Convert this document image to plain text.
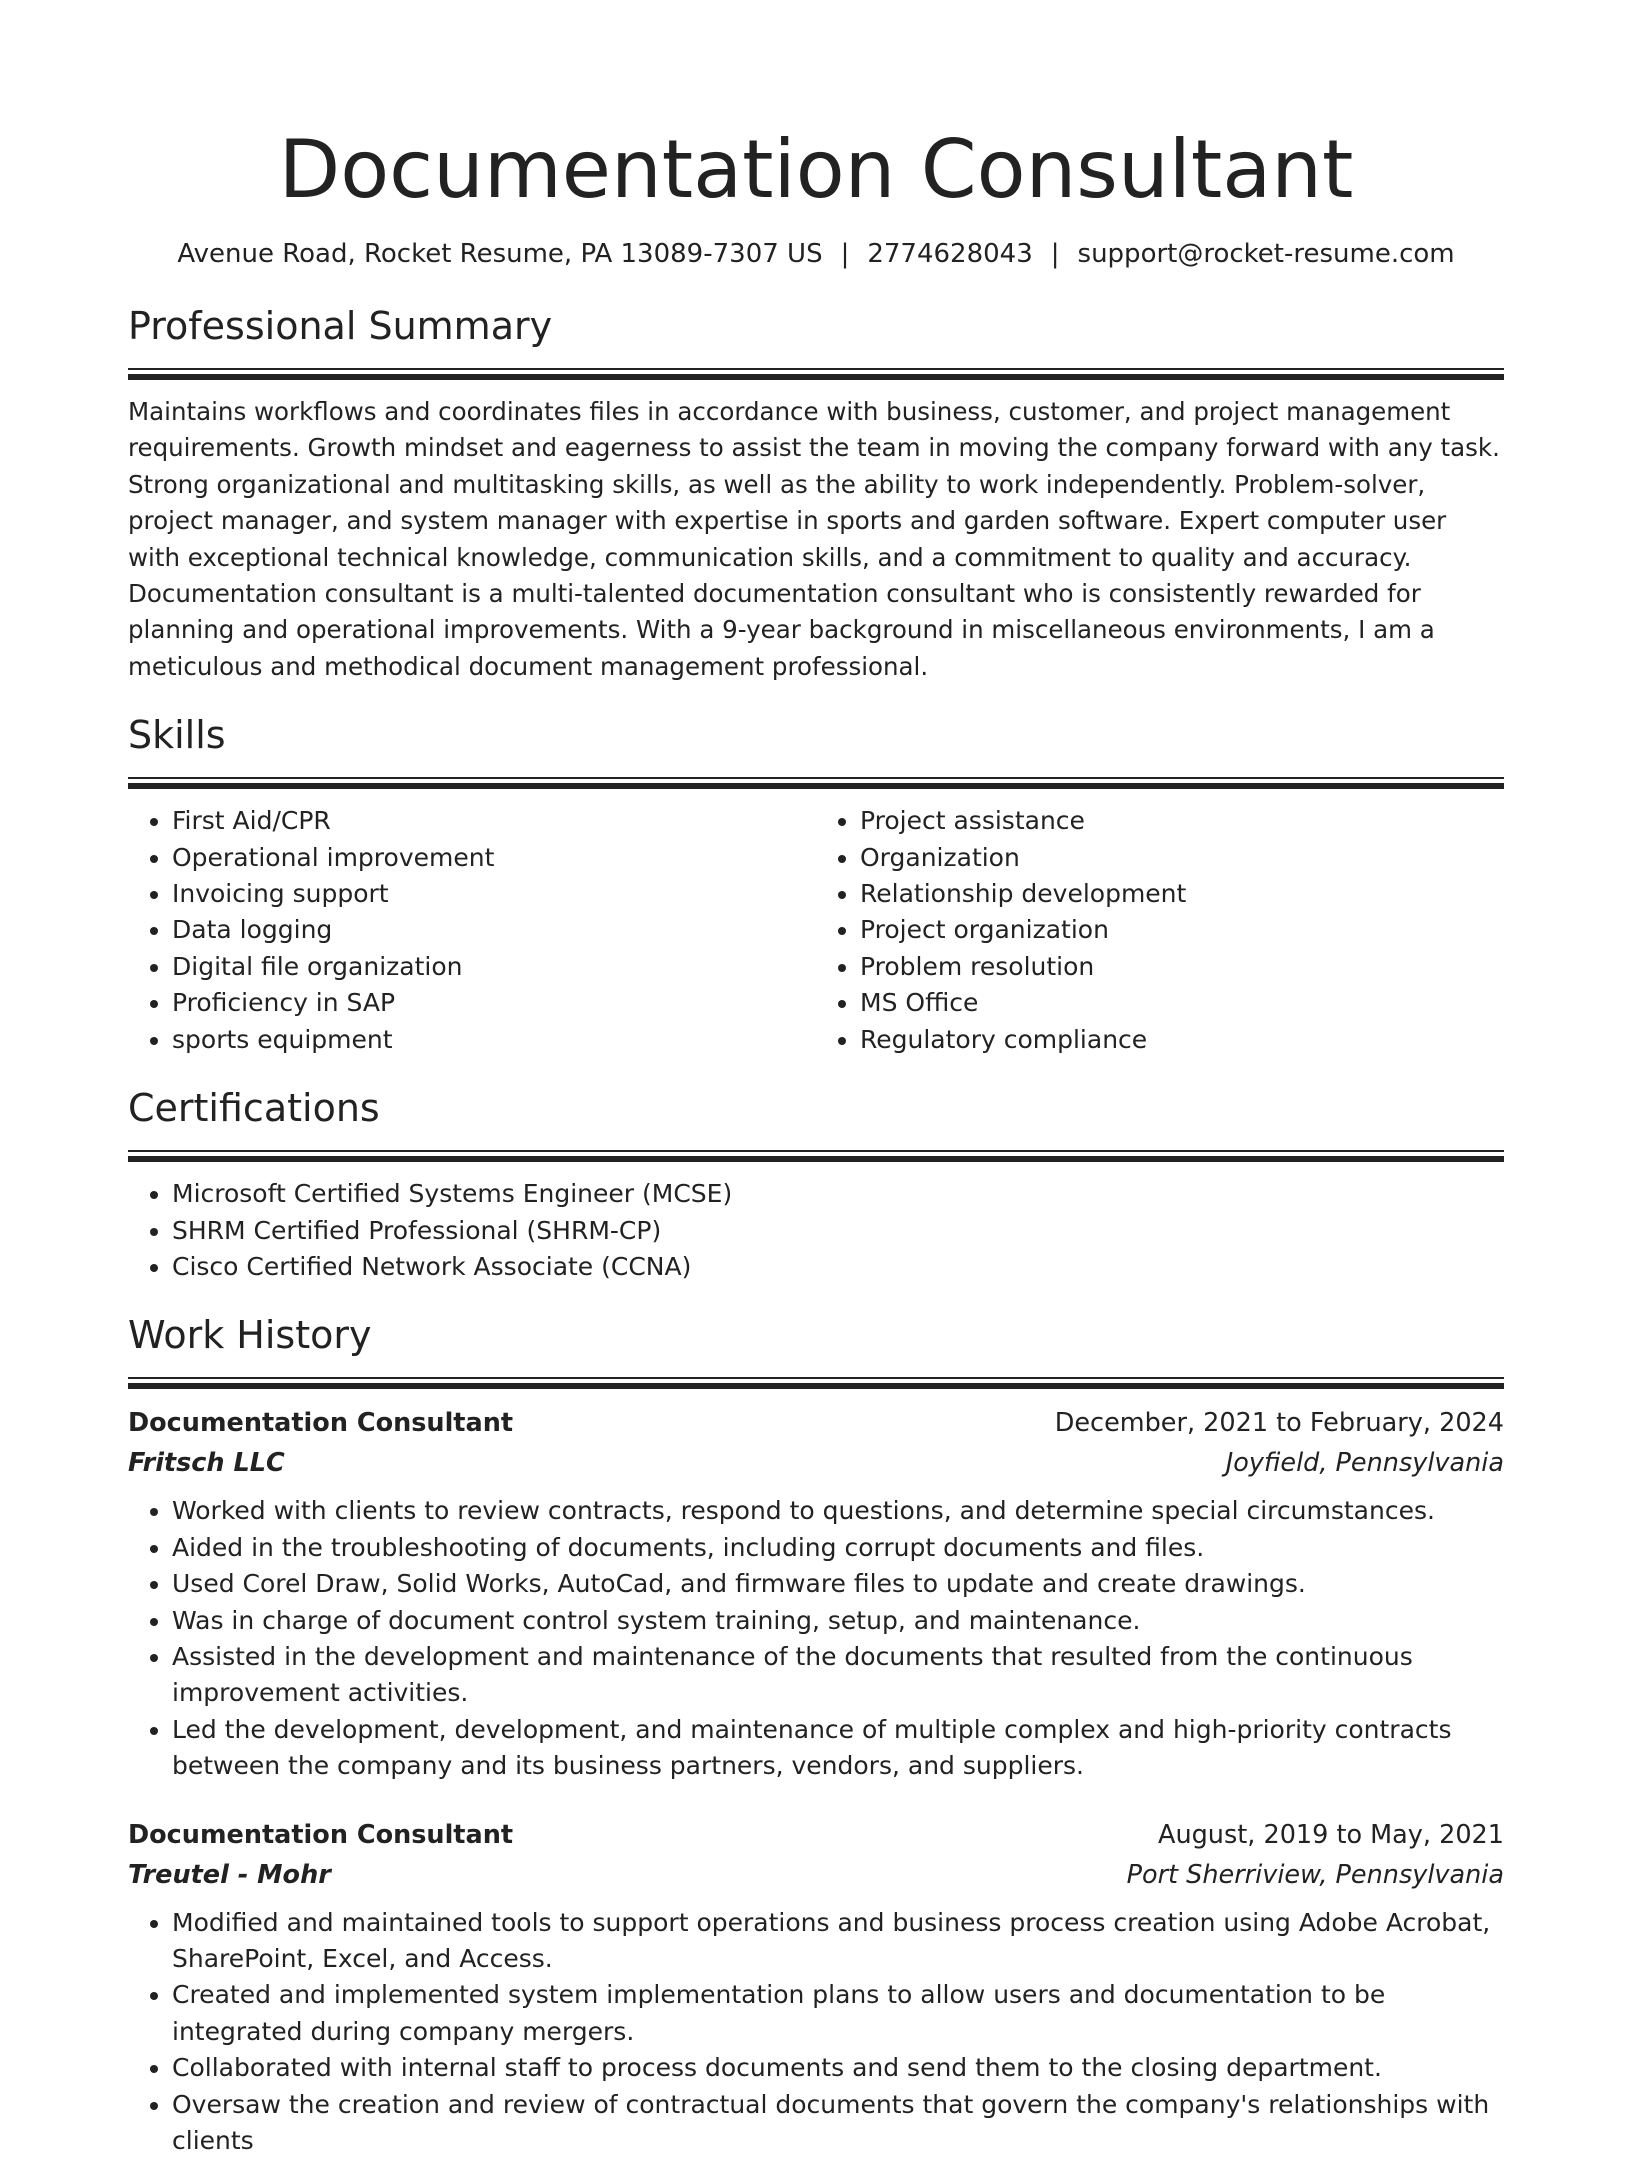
Documentation Consultant
Avenue Road, Rocket Resume, PA 13089-7307 US | 2774628043 | support@rocket-resume.com
Professional Summary

Maintains workflows and coordinates files in accordance with business, customer, and project management requirements. Growth mindset and eagerness to assist the team in moving the company forward with any task. Strong organizational and multitasking skills, as well as the ability to work independently. Problem-solver, project manager, and system manager with expertise in sports and garden software. Expert computer user with exceptional technical knowledge, communication skills, and a commitment to quality and accuracy. Documentation consultant is a multi-talented documentation consultant who is consistently rewarded for planning and operational improvements. With a 9-year background in miscellaneous environments, I am a meticulous and methodical document management professional.

Skills
• First Aid/CPR
• Operational improvement
• Invoicing support
• Data logging
• Digital file organization
• Proficiency in SAP
• sports equipment
• Project assistance
• Organization
• Relationship development
• Project organization
• Problem resolution
• MS Office
• Regulatory compliance
Certifications
• Microsoft Certified Systems Engineer (MCSE)
• SHRM Certified Professional (SHRM-CP)
• Cisco Certified Network Associate (CCNA)
Work History
Documentation Consultant	December, 2021 to February, 2024
Fritsch LLC	Joyfield, Pennsylvania
• Worked with clients to review contracts, respond to questions, and determine special circumstances.
• Aided in the troubleshooting of documents, including corrupt documents and files.
• Used Corel Draw, Solid Works, AutoCad, and firmware files to update and create drawings.
• Was in charge of document control system training, setup, and maintenance.
• Assisted in the development and maintenance of the documents that resulted from the continuous improvement activities.
• Led the development, development, and maintenance of multiple complex and high-priority contracts between the company and its business partners, vendors, and suppliers.
Documentation Consultant	August, 2019 to May, 2021
Treutel - Mohr	Port Sherriview, Pennsylvania
• Modified and maintained tools to support operations and business process creation using Adobe Acrobat, SharePoint, Excel, and Access.
• Created and implemented system implementation plans to allow users and documentation to be integrated during company mergers.
• Collaborated with internal staff to process documents and send them to the closing department.
• Oversaw the creation and review of contractual documents that govern the company's relationships with clients
